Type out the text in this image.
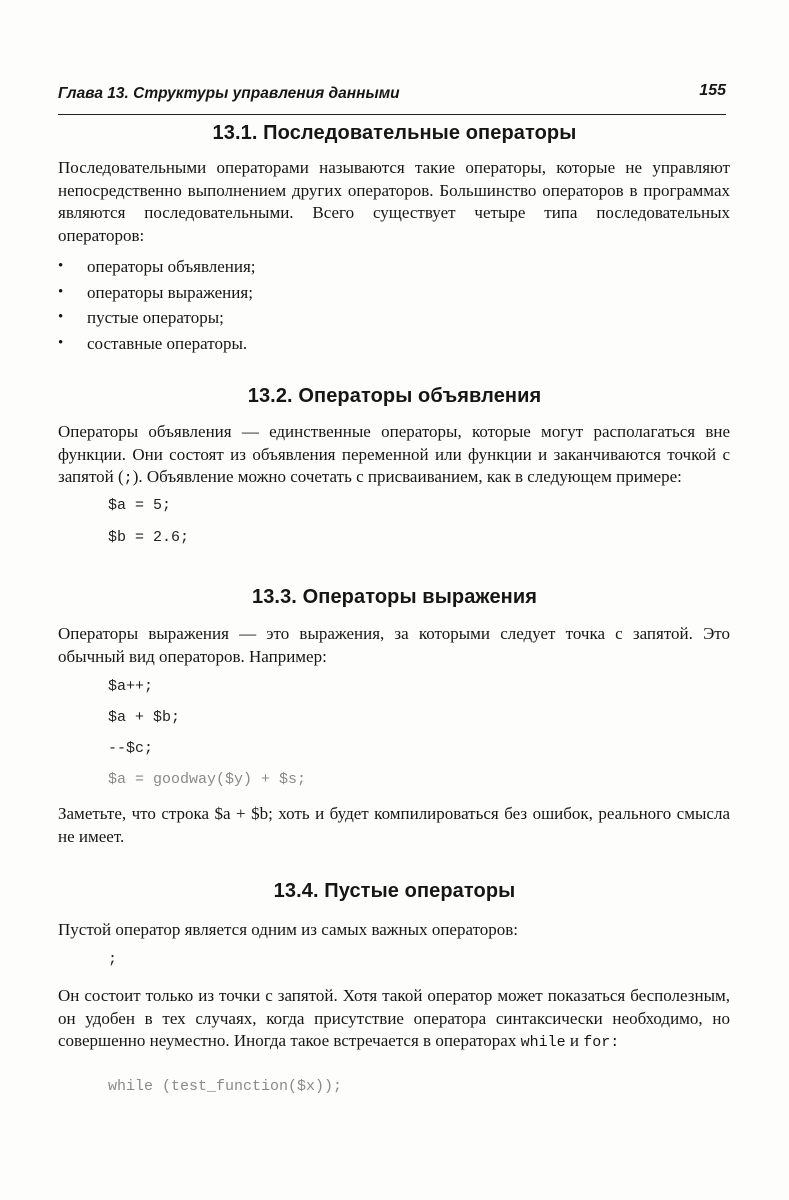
Глава 13. Структуры управления данными	155
13.1. Последовательные операторы

Последовательными операторами называются такие операторы, которые не управляют непосредственно выполнением других операторов. Большинство операторов в программах являются последовательными. Всего существует четыре типа последовательных операторов:

• операторы объявления;
• операторы выражения;
• пустые операторы;
• составные операторы.
13.2. Операторы объявления

Операторы объявления — единственные операторы, которые могут располагаться вне функции. Они состоят из объявления переменной или функции и заканчиваются точкой с запятой (;). Объявление можно сочетать с присваиванием, как в следующем примере:

$a = 5;
$b = 2.6;
13.3. Операторы выражения

Операторы выражения — это выражения, за которыми следует точка с запятой. Это обычный вид операторов. Например:

$a++;
$a + $b;
--$c;
$a = goodway($y) + $s;

Заметьте, что строка $a + $b; хоть и будет компилироваться без ошибок, реального смысла не имеет.

13.4. Пустые операторы

Пустой оператор является одним из самых важных операторов:

;

Он состоит только из точки с запятой. Хотя такой оператор может показаться бесполезным, он удобен в тех случаях, когда присутствие оператора синтаксически необходимо, но совершенно неуместно. Иногда такое встречается в операторах while и for:

while (test_function($x));
